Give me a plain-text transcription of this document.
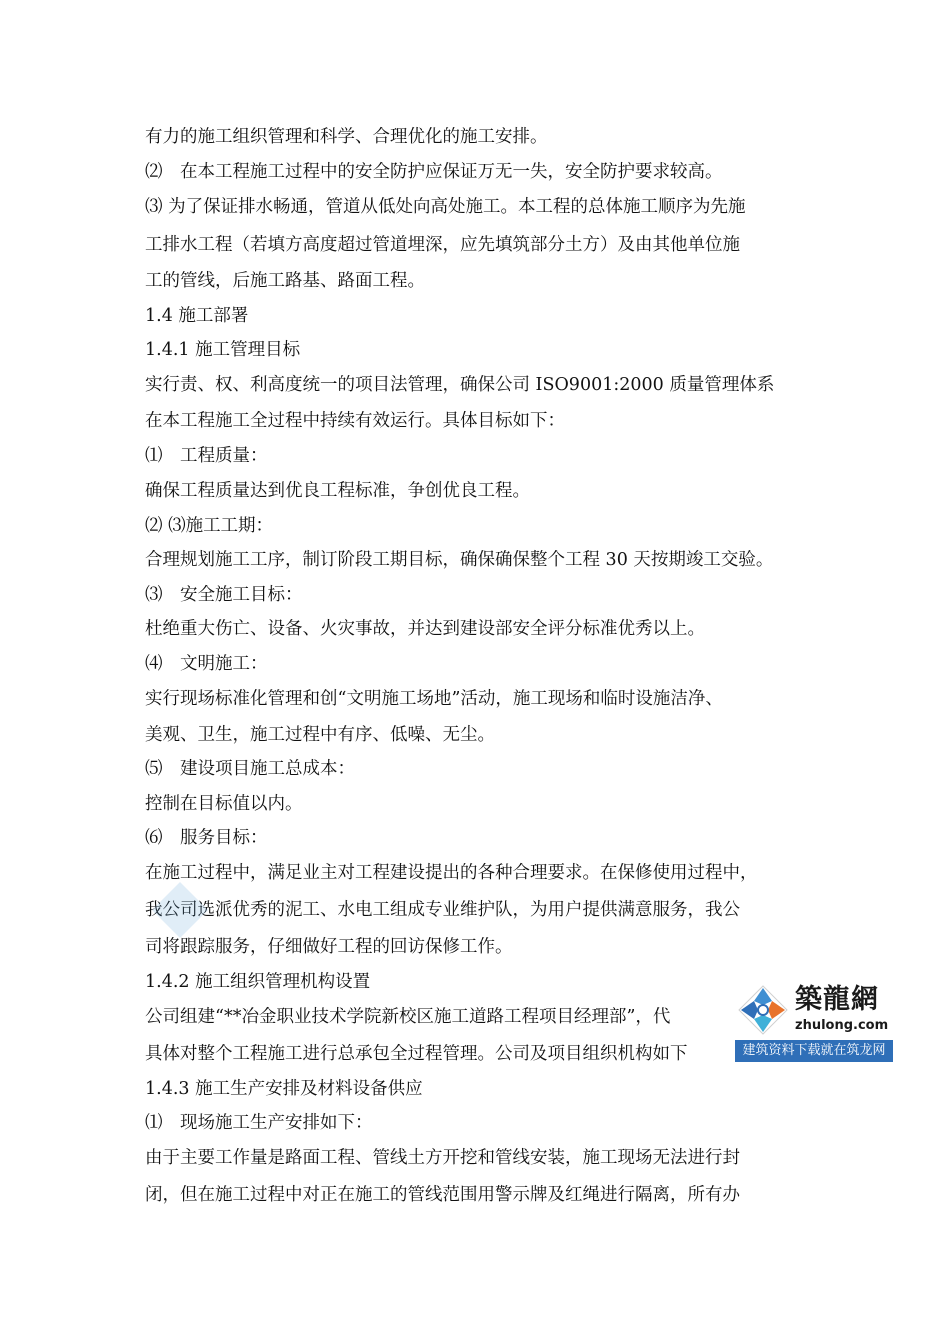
有力的施工组织管理和科学、合理优化的施工安排。
⑵　在本工程施工过程中的安全防护应保证万无一失，安全防护要求较高。
⑶ 为了保证排水畅通，管道从低处向高处施工。本工程的总体施工顺序为先施
工排水工程（若填方高度超过管道埋深，应先填筑部分土方）及由其他单位施
工的管线，后施工路基、路面工程。
1.4 施工部署
1.4.1 施工管理目标
实行责、权、利高度统一的项目法管理，确保公司 ISO9001:2000 质量管理体系
在本工程施工全过程中持续有效运行。具体目标如下：
⑴　工程质量：
确保工程质量达到优良工程标准，争创优良工程。
⑵ ⑶施工工期：
合理规划施工工序，制订阶段工期目标，确保确保整个工程 30 天按期竣工交验。
⑶　安全施工目标：
杜绝重大伤亡、设备、火灾事故，并达到建设部安全评分标准优秀以上。
⑷　文明施工：
实行现场标准化管理和创“文明施工场地”活动，施工现场和临时设施洁净、
美观、卫生，施工过程中有序、低噪、无尘。
⑸　建设项目施工总成本：
控制在目标值以内。
⑹　服务目标：
在施工过程中，满足业主对工程建设提出的各种合理要求。在保修使用过程中，
我公司选派优秀的泥工、水电工组成专业维护队，为用户提供满意服务，我公
司将跟踪服务，仔细做好工程的回访保修工作。
1.4.2 施工组织管理机构设置
公司组建“**冶金职业技术学院新校区施工道路工程项目经理部”，代
具体对整个工程施工进行总承包全过程管理。公司及项目组织机构如下
1.4.3 施工生产安排及材料设备供应
⑴　现场施工生产安排如下：
由于主要工作量是路面工程、管线土方开挖和管线安装，施工现场无法进行封
闭，但在施工过程中对正在施工的管线范围用警示牌及红绳进行隔离，所有办
築龍網
zhulong.com
建筑资料下载就在筑龙网
